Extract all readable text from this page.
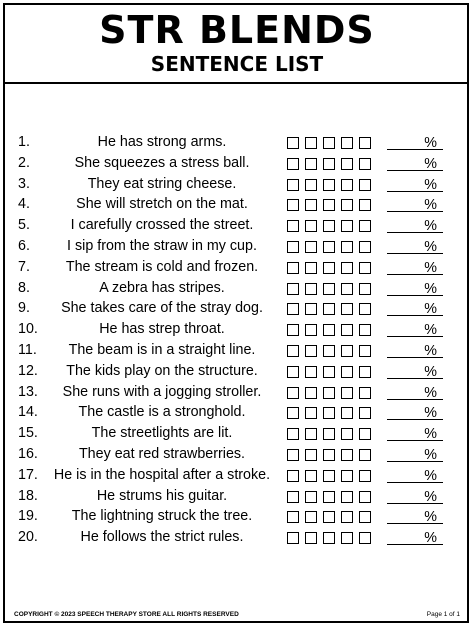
STR BLENDS
SENTENCE LIST
1.	He has strong arms.	%
2.	She squeezes a stress ball.	%
3.	They eat string cheese.	%
4.	She will stretch on the mat.	%
5.	I carefully crossed the street.	%
6.	I sip from the straw in my cup.	%
7.	The stream is cold and frozen.	%
8.	A zebra has stripes.	%
9.	She takes care of the stray dog.	%
10.	He has strep throat.	%
11.	The beam is in a straight line.	%
12.	The kids play on the structure.	%
13.	She runs with a jogging stroller.	%
14.	The castle is a stronghold.	%
15.	The streetlights are lit.	%
16.	They eat red strawberries.	%
17.	He is in the hospital after a stroke.	%
18.	He strums his guitar.	%
19.	The lightning struck the tree.	%
20.	He follows the strict rules.	%
COPYRIGHT © 2023 SPEECH THERAPY STORE ALL RIGHTS RESERVED	Page 1 of 1
